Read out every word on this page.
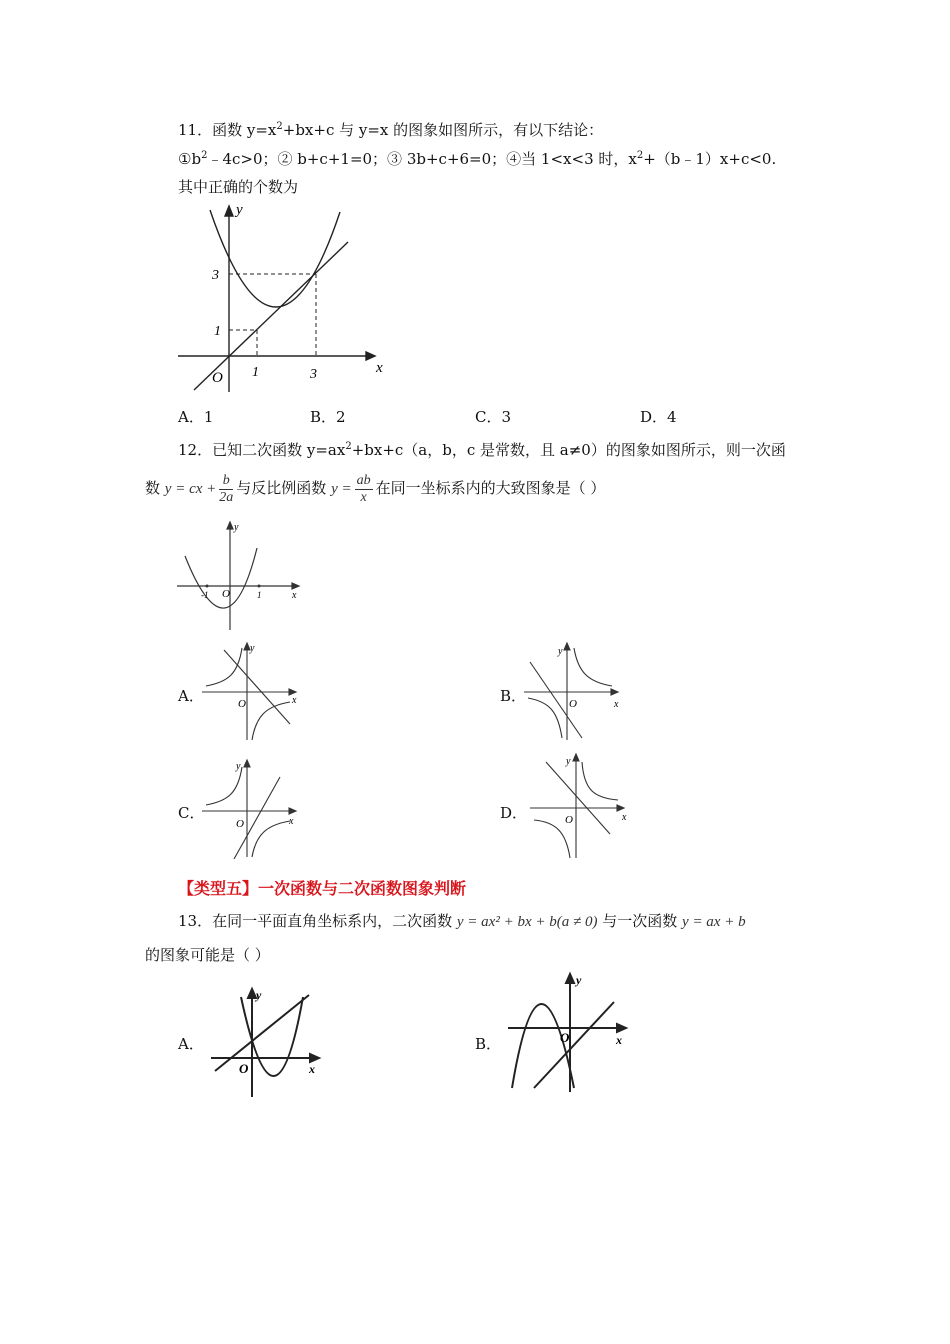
11．函数 $y=x^2+bx+c$ 与 y=x 的图象如图所示，有以下结论：
$①b^2﹣4c>0$；② b+c+1=0；③ 3b+c+6=0；④当 1<x<3 时，$x^2+(b﹣1)x+c<0$.
其中正确的个数为
y
x
O 1	3
1
3
A．1	B．2	C．3	D．4
12．已知二次函数 $y=ax^2+bx+c(a$，b，c 是常数，且 a≠0）的图象如图所示，则一次函
数 y = cx + $\frac{b}{2a}$ 与反比例函数 $y = \frac{ab}{x}$ 在同一坐标系内的大致图象是（ ）
y
x
O
-1	1
A．
y
x
O	B．
y
x
O
C．
y
x
O
D．
y
x
O
【类型五】一次函数与二次函数图象判断
13．在同一平面直角坐标系内，二次函数 y = ax² + bx + b(a ≠ 0) 与一次函数 y = ax + b
的图象可能是（ ）
A．
y
x
O
B．
y
x
O
